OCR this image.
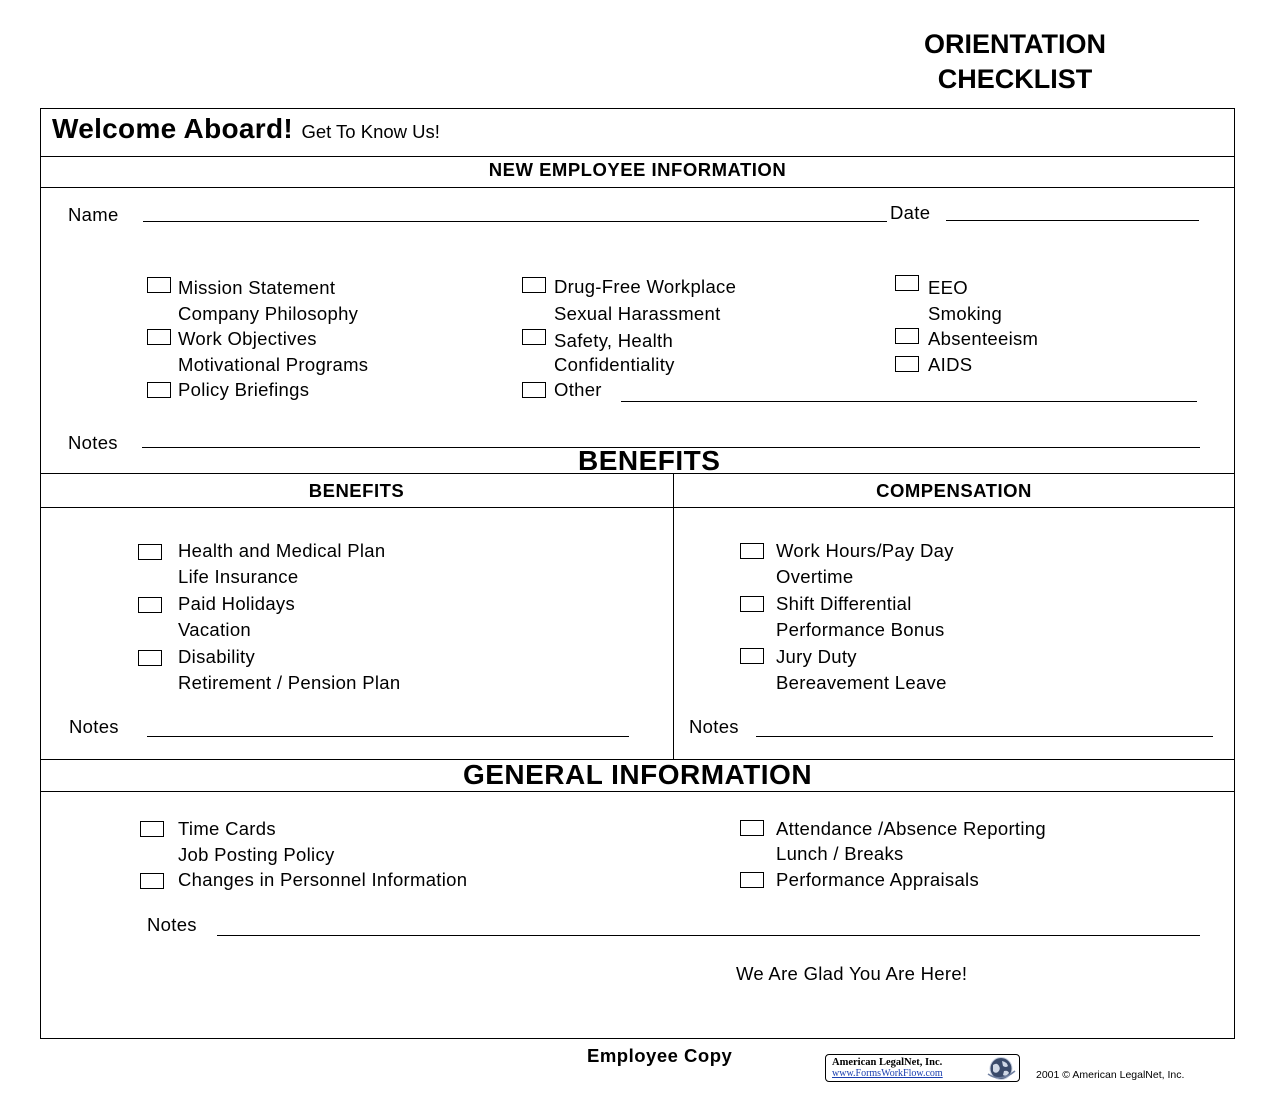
ORIENTATION
CHECKLIST
Welcome Aboard! Get To Know Us!
NEW EMPLOYEE INFORMATION
Name	Date
Mission Statement
Company Philosophy
Work Objectives
Motivational Programs
Policy Briefings
Drug-Free Workplace
Sexual Harassment
Safety, Health
Confidentiality
Other
EEO
Smoking
Absenteeism
AIDS
Notes
BENEFITS
BENEFITS	COMPENSATION
Health and Medical Plan
Life Insurance
Paid Holidays
Vacation
Disability
Retirement / Pension Plan
Notes
Work Hours/Pay Day
Overtime
Shift Differential
Performance Bonus
Jury Duty
Bereavement Leave
Notes
GENERAL INFORMATION
Time Cards
Job Posting Policy
Changes in Personnel Information
Attendance /Absence Reporting
Lunch / Breaks
Performance Appraisals
Notes
We Are Glad You Are Here!
Employee Copy	American LegalNet, Inc.
www.FormsWorkFlow.com	2001 © American LegalNet, Inc.
